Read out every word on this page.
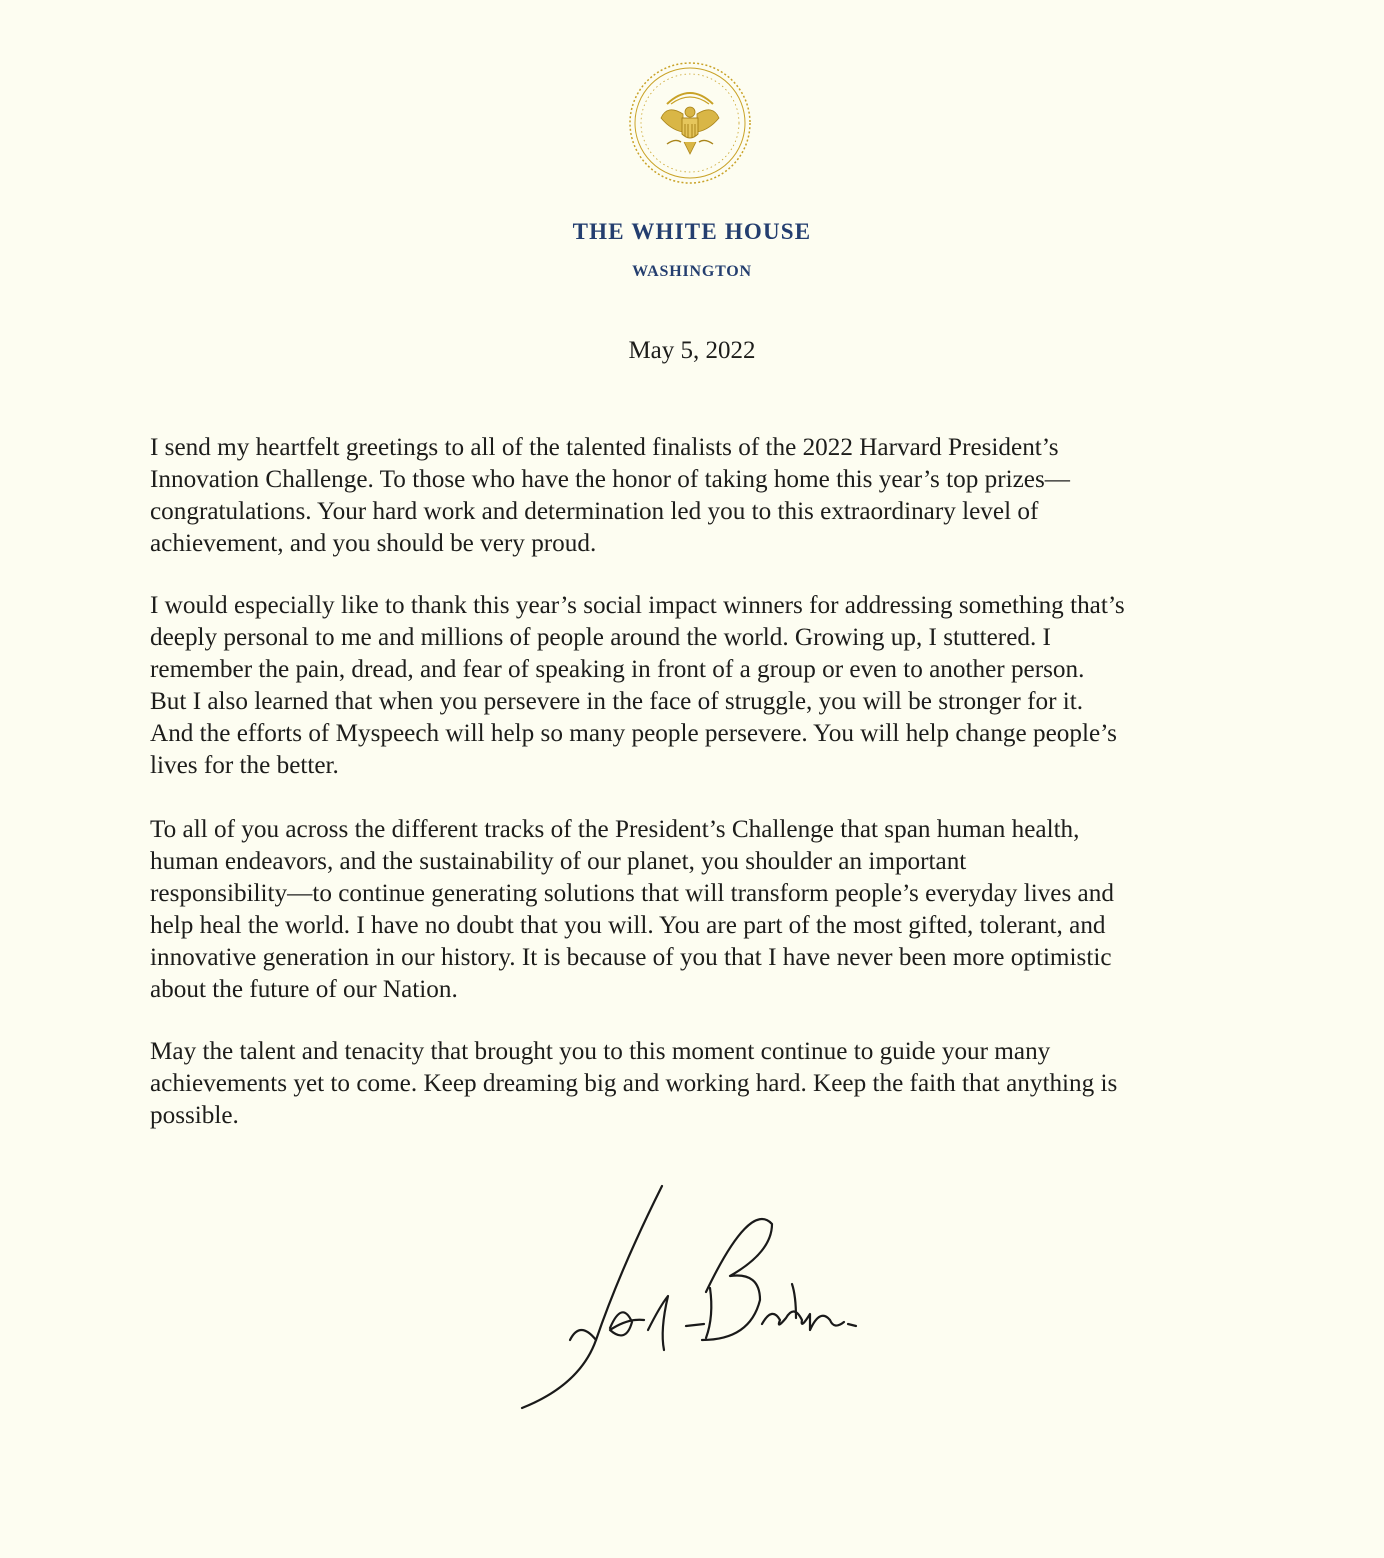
THE WHITE HOUSE
WASHINGTON
May 5, 2022

I send my heartfelt greetings to all of the talented finalists of the 2022 Harvard President’s
Innovation Challenge. To those who have the honor of taking home this year’s top prizes—
congratulations. Your hard work and determination led you to this extraordinary level of
achievement, and you should be very proud.

I would especially like to thank this year’s social impact winners for addressing something that’s
deeply personal to me and millions of people around the world. Growing up, I stuttered. I
remember the pain, dread, and fear of speaking in front of a group or even to another person.
But I also learned that when you persevere in the face of struggle, you will be stronger for it.
And the efforts of Myspeech will help so many people persevere. You will help change people’s
lives for the better.

To all of you across the different tracks of the President’s Challenge that span human health,
human endeavors, and the sustainability of our planet, you shoulder an important
responsibility—to continue generating solutions that will transform people’s everyday lives and
help heal the world. I have no doubt that you will. You are part of the most gifted, tolerant, and
innovative generation in our history. It is because of you that I have never been more optimistic
about the future of our Nation.

May the talent and tenacity that brought you to this moment continue to guide your many
achievements yet to come. Keep dreaming big and working hard. Keep the faith that anything is
possible.
